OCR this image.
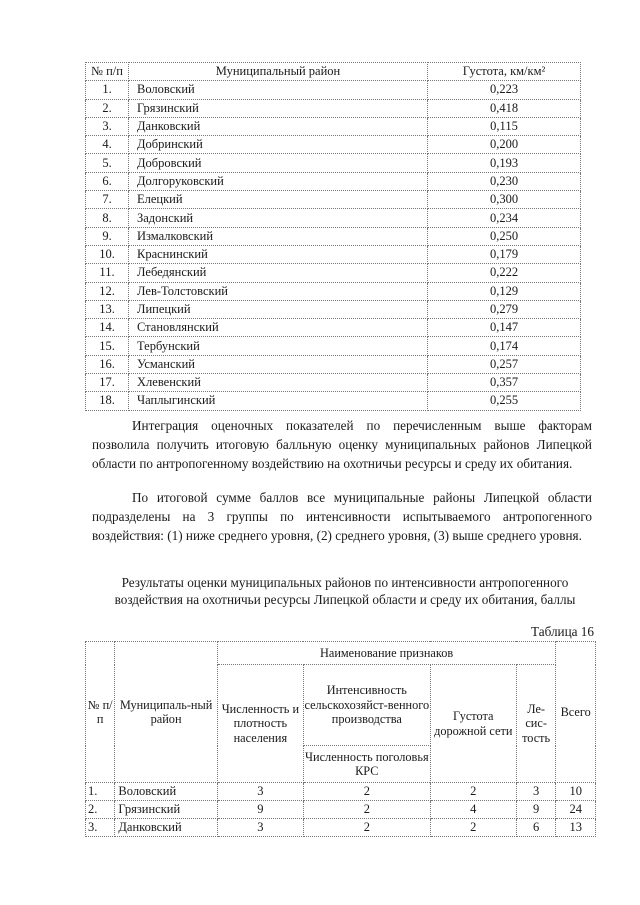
№ п/п	Муниципальный район	Густота, км/км²
1.	Воловский	0,223
2.	Грязинский	0,418
3.	Данковский	0,115
4.	Добринский	0,200
5.	Добровский	0,193
6.	Долгоруковский	0,230
7.	Елецкий	0,300
8.	Задонский	0,234
9.	Измалковский	0,250
10.	Краснинский	0,179
11.	Лебедянский	0,222
12.	Лев-Толстовский	0,129
13.	Липецкий	0,279
14.	Становлянский	0,147
15.	Тербунский	0,174
16.	Усманский	0,257
17.	Хлевенский	0,357
18.	Чаплыгинский	0,255

Интеграция оценочных показателей по перечисленным выше факторам позволила получить итоговую балльную оценку муниципальных районов Липецкой области по антропогенному воздействию на охотничьи ресурсы и среду их обитания.

По итоговой сумме баллов все муниципальные районы Липецкой области подразделены на 3 группы по интенсивности испытываемого антропогенного воздействия: (1) ниже среднего уровня, (2) среднего уровня, (3) выше среднего уровня.

Результаты оценки муниципальных районов по интенсивности антропогенного воздействия на охотничьи ресурсы Липецкой области и среду их обитания, баллы

Таблица 16
№ п/п	Муниципаль-ный район	Наименование признаков				Всего
		Численность и плотность населения	Интенсивность сельскохозяйст-венного производства	Густота дорожной сети	Ле-сис-тость	
			Численность поголовья КРС			
1.	Воловский	3	2	2	3	10
2.	Грязинский	9	2	4	9	24
3.	Данковский	3	2	2	6	13
